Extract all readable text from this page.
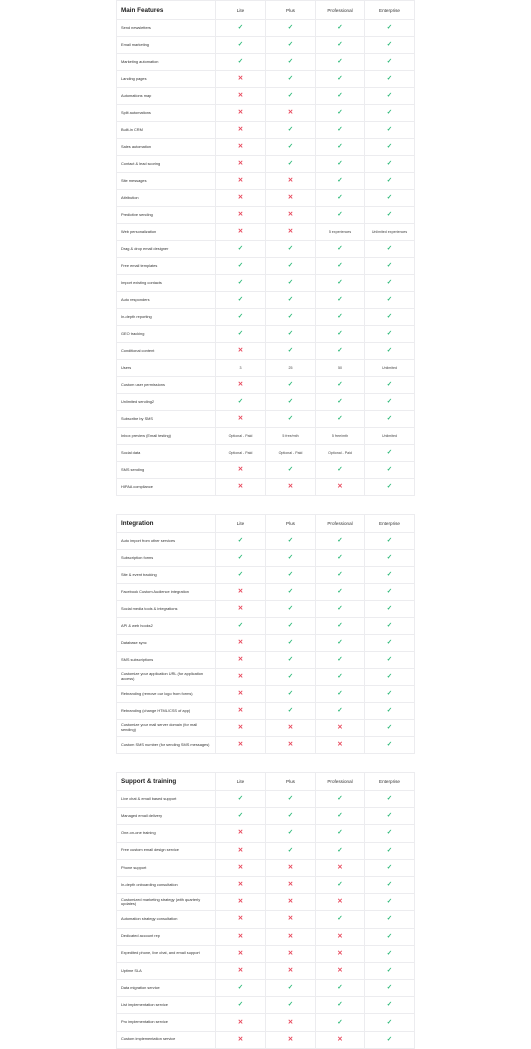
Main Features	Lite	Plus	Professional	Enterprise
Send newsletters	✓	✓	✓	✓
Email marketing	✓	✓	✓	✓
Marketing automation	✓	✓	✓	✓
Landing pages	✕	✓	✓	✓
Automations map	✕	✓	✓	✓
Split automations	✕	✕	✓	✓
Built-in CRM	✕	✓	✓	✓
Sales automation	✕	✓	✓	✓
Contact & lead scoring	✕	✓	✓	✓
Site messages	✕	✕	✓	✓
Attribution	✕	✕	✓	✓
Predictive sending	✕	✕	✓	✓
Web personalization	✕	✕	5 experiences	Unlimited experiences
Drag & drop email designer	✓	✓	✓	✓
Free email templates	✓	✓	✓	✓
Import existing contacts	✓	✓	✓	✓
Auto responders	✓	✓	✓	✓
In-depth reporting	✓	✓	✓	✓
GEO tracking	✓	✓	✓	✓
Conditional content	✕	✓	✓	✓
Users	3	25	50	Unlimited
Custom user permissions	✕	✓	✓	✓
Unlimited sending2	✓	✓	✓	✓
Subscribe by SMS	✕	✓	✓	✓
Inbox preview (Email testing)	Optional - Paid	5 free/mth	5 free/mth	Unlimited
Social data	Optional - Paid	Optional - Paid	Optional - Paid	✓
SMS sending	✕	✓	✓	✓
HIPAA compliance	✕	✕	✕	✓
Integration	Lite	Plus	Professional	Enterprise
Auto import from other services	✓	✓	✓	✓
Subscription forms	✓	✓	✓	✓
Site & event tracking	✓	✓	✓	✓
Facebook Custom Audience integration	✕	✓	✓	✓
Social media tools & integrations	✕	✓	✓	✓
API & web hooks2	✓	✓	✓	✓
Database sync	✕	✓	✓	✓
SMS subscriptions	✕	✓	✓	✓
Customize your application URL (for application access)	✕	✓	✓	✓
Rebranding (remove our logo from forms)	✕	✓	✓	✓
Rebranding (change HTML/CSS of app)	✕	✓	✓	✓
Customize your mail server domain (for mail sending)	✕	✕	✕	✓
Custom SMS number (for sending SMS messages)	✕	✕	✕	✓
Support & training	Lite	Plus	Professional	Enterprise
Live chat & email based support	✓	✓	✓	✓
Managed email delivery	✓	✓	✓	✓
One-on-one training	✕	✓	✓	✓
Free custom email design service	✕	✓	✓	✓
Phone support	✕	✕	✕	✓
In-depth onboarding consultation	✕	✕	✓	✓
Customized marketing strategy (with quarterly updates)	✕	✕	✕	✓
Automation strategy consultation	✕	✕	✓	✓
Dedicated account rep	✕	✕	✕	✓
Expedited phone, live chat, and email support	✕	✕	✕	✓
Uptime SLA	✕	✕	✕	✓
Data migration service	✓	✓	✓	✓
List implementation service	✓	✓	✓	✓
Pro implementation service	✕	✕	✓	✓
Custom implementation service	✕	✕	✕	✓
